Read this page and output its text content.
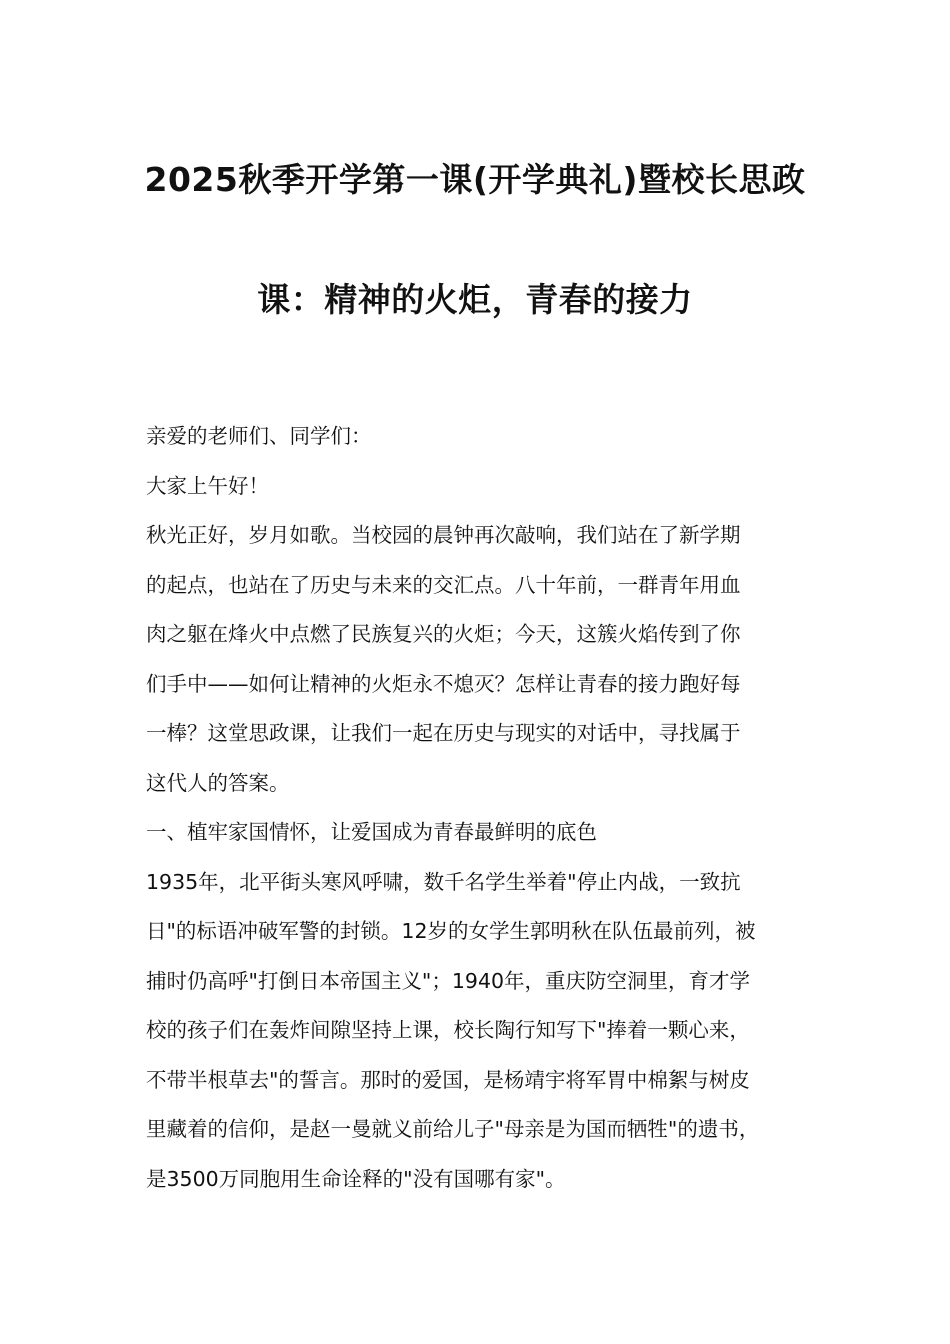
2025秋季开学第一课(开学典礼)暨校长思政
课：精神的火炬，青春的接力
亲爱的老师们、同学们：
大家上午好！
秋光正好，岁月如歌。当校园的晨钟再次敲响，我们站在了新学期
的起点，也站在了历史与未来的交汇点。八十年前，一群青年用血
肉之躯在烽火中点燃了民族复兴的火炬；今天，这簇火焰传到了你
们手中——如何让精神的火炬永不熄灭？怎样让青春的接力跑好每
一棒？这堂思政课，让我们一起在历史与现实的对话中，寻找属于
这代人的答案。
一、植牢家国情怀，让爱国成为青春最鲜明的底色
1935年，北平街头寒风呼啸，数千名学生举着"停止内战，一致抗
日"的标语冲破军警的封锁。12岁的女学生郭明秋在队伍最前列，被
捕时仍高呼"打倒日本帝国主义"；1940年，重庆防空洞里，育才学
校的孩子们在轰炸间隙坚持上课，校长陶行知写下"捧着一颗心来，
不带半根草去"的誓言。那时的爱国，是杨靖宇将军胃中棉絮与树皮
里藏着的信仰，是赵一曼就义前给儿子"母亲是为国而牺牲"的遗书，
是3500万同胞用生命诠释的"没有国哪有家"。
